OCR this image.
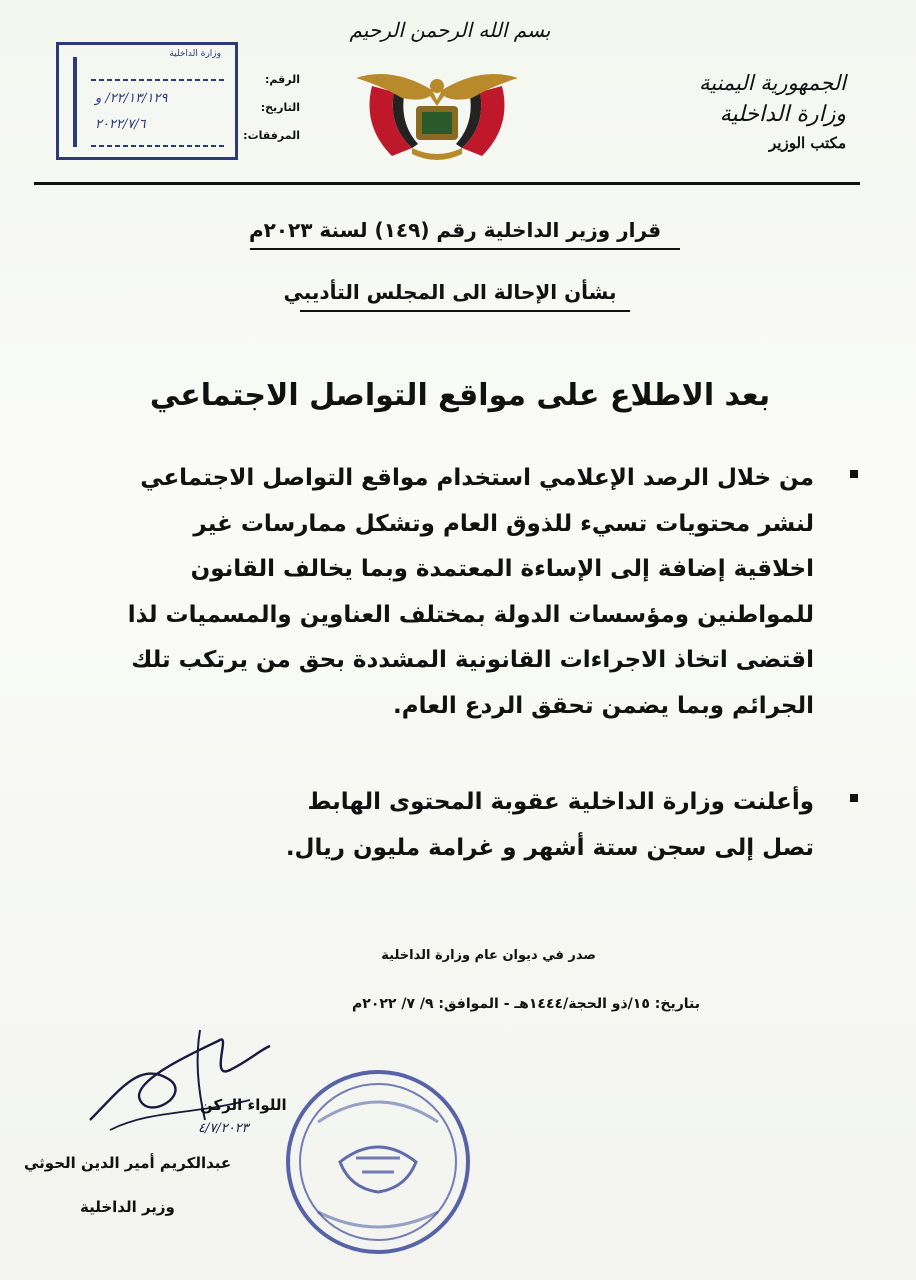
بسم الله الرحمن الرحيم
الجمهورية اليمنية
وزارة الداخلية
مكتب الوزير
وزارة الداخلية
٢٢/١٣/١٢٩/ و
٢٠٢٢/٧/٦
الرقم:
التاريخ:
المرفقات:
قرار وزير الداخلية رقم (١٤٩) لسنة ٢٠٢٣م
بشأن الإحالة الى المجلس التأديبي
بعد الاطلاع على مواقع التواصل الاجتماعي
من خلال الرصد الإعلامي استخدام مواقع التواصل الاجتماعي لنشر محتويات تسيء للذوق العام وتشكل ممارسات غير اخلاقية إضافة إلى الإساءة المعتمدة وبما يخالف القانون للمواطنين ومؤسسات الدولة بمختلف العناوين والمسميات لذا اقتضى اتخاذ الاجراءات القانونية المشددة بحق من يرتكب تلك الجرائم وبما يضمن تحقق الردع العام.
وأعلنت وزارة الداخلية عقوبة المحتوى الهابط تصل إلى سجن ستة أشهر و غرامة مليون ريال.
صدر في ديوان عام وزارة الداخلية
بتاريخ: ١٥/ذو الحجة/١٤٤٤هـ - الموافق: ٩/ ٧/ ٢٠٢٢م
٤/٧/٢٠٢٣
اللواء الركن
عبدالكريم أمير الدين الحوثي
وزير الداخلية
